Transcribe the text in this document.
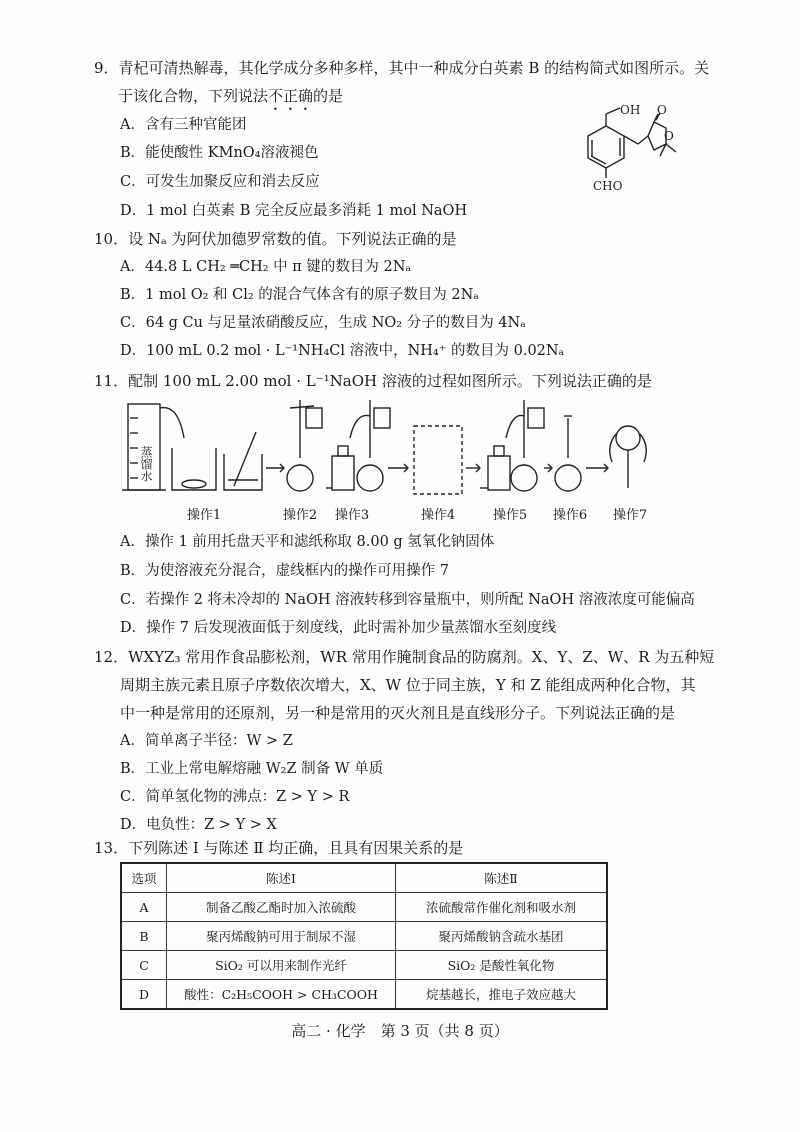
9．青杞可清热解毒，其化学成分多种多样，其中一种成分白英素 B 的结构简式如图所示。关
于该化合物，下列说法不正确的是
A．含有三种官能团
B．能使酸性 KMnO₄溶液褪色
C．可发生加聚反应和消去反应
D．1 mol 白英素 B 完全反应最多消耗 1 mol NaOH
OH O
O
CHO
10．设 Nₐ 为阿伏加德罗常数的值。下列说法正确的是
A．44.8 L CH₂ ═CH₂ 中 π 键的数目为 2Nₐ
B．1 mol O₂ 和 Cl₂ 的混合气体含有的原子数目为 2Nₐ
C．64 g Cu 与足量浓硝酸反应，生成 NO₂ 分子的数目为 4Nₐ
D．100 mL 0.2 mol · L⁻¹NH₄Cl 溶液中，NH₄⁺ 的数目为 0.02Nₐ
11．配制 100 mL 2.00 mol · L⁻¹NaOH 溶液的过程如图所示。下列说法正确的是
蒸馏水
操作1	操作2	操作3	操作4	操作5	操作6	操作7
A．操作 1 前用托盘天平和滤纸称取 8.00 g 氢氧化钠固体
B．为使溶液充分混合，虚线框内的操作可用操作 7
C．若操作 2 将未冷却的 NaOH 溶液转移到容量瓶中，则所配 NaOH 溶液浓度可能偏高
D．操作 7 后发现液面低于刻度线，此时需补加少量蒸馏水至刻度线
12．WXYZ₃ 常用作食品膨松剂，WR 常用作腌制食品的防腐剂。X、Y、Z、W、R 为五种短
周期主族元素且原子序数依次增大，X、W 位于同主族，Y 和 Z 能组成两种化合物，其
中一种是常用的还原剂，另一种是常用的灭火剂且是直线形分子。下列说法正确的是
A．简单离子半径：W > Z
B．工业上常电解熔融 W₂Z 制备 W 单质
C．简单氢化物的沸点：Z > Y > R
D．电负性：Z > Y > X
13．下列陈述 Ⅰ 与陈述 Ⅱ 均正确，且具有因果关系的是
选项	陈述Ⅰ	陈述Ⅱ
A	制备乙酸乙酯时加入浓硫酸	浓硫酸常作催化剂和吸水剂
B	聚丙烯酸钠可用于制尿不湿	聚丙烯酸钠含疏水基团
C	SiO₂ 可以用来制作光纤	SiO₂ 是酸性氧化物
D	酸性：C₂H₅COOH > CH₃COOH	烷基越长，推电子效应越大
高二 · 化学　第 3 页（共 8 页）
